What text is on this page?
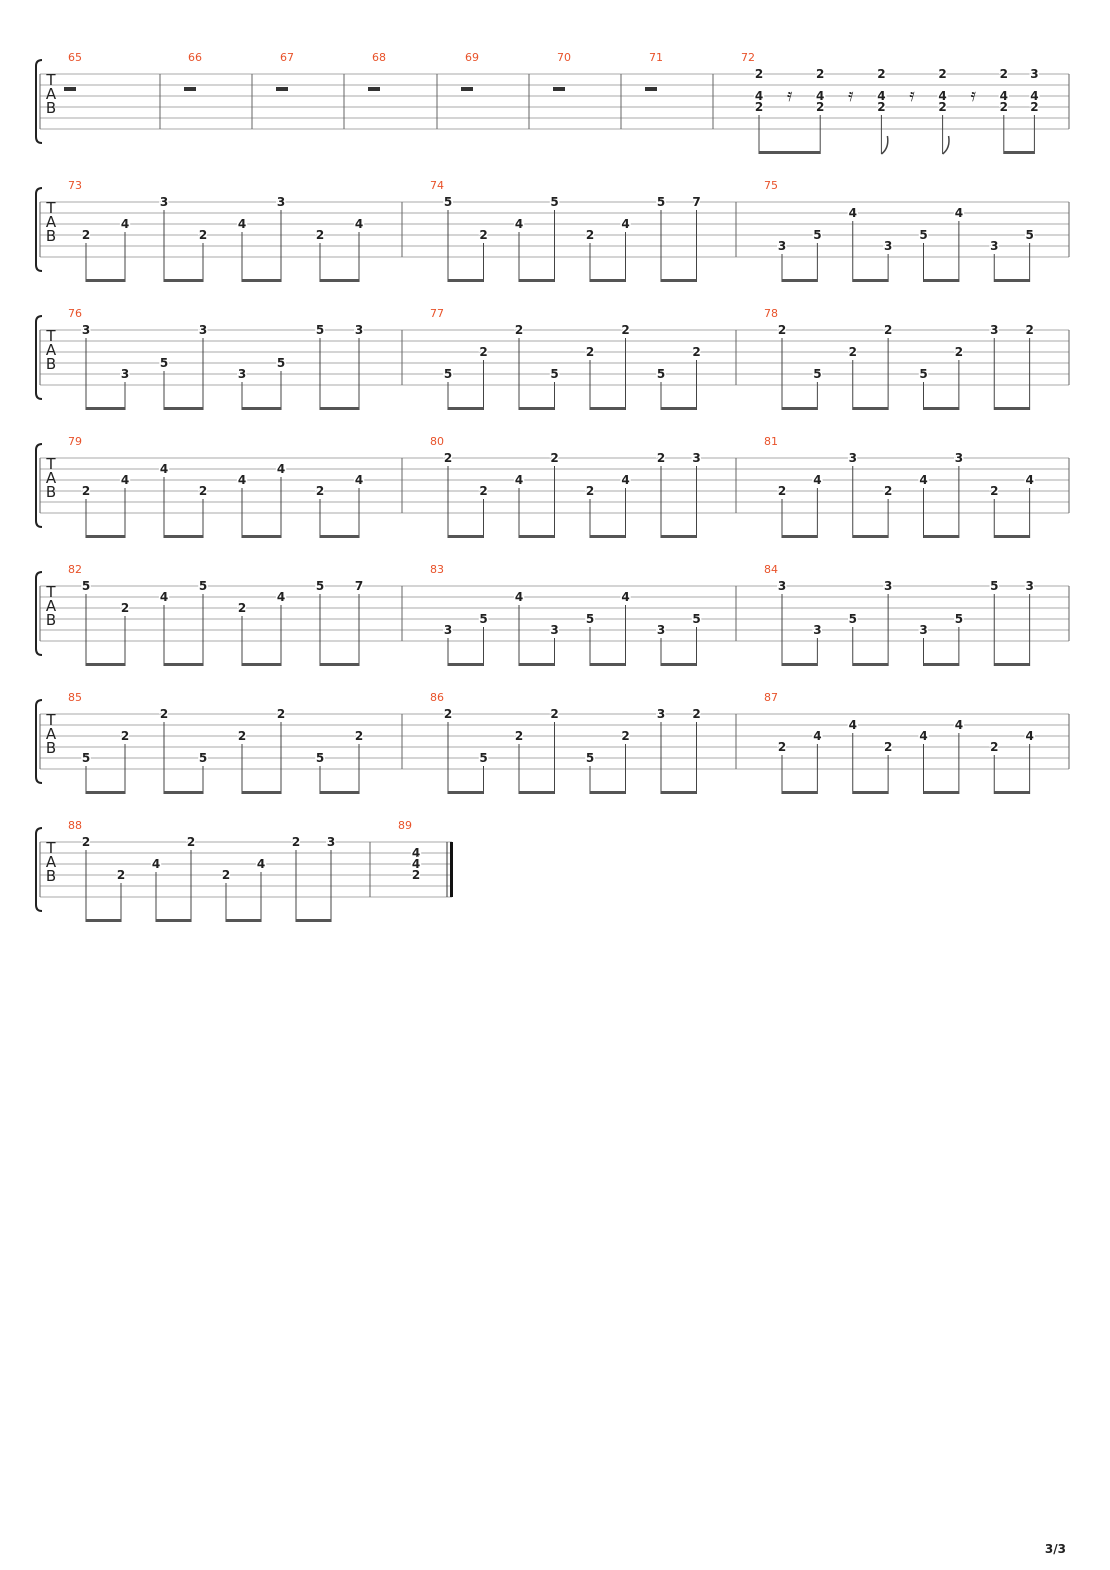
T
A
B
65	66	67	68	69	70	71	72
2
4
2
𝄿
2
4
2
𝄿
2
4
2
𝄿
2
4
2
𝄿
2
4
2
3
4
2
T
A
B
73
2
4
3
2
4
3
2
4
74
5
2
4
5
2
4
5 7
75
3
5
4
3
5
4
3
5
T
A
B
76
3
3
5
3
3
5
5	3
77
5
2
2
5
2
2
5
2
78
2
5
2
2
5
2
3 2
T
A
B
79
2
4
4
2
4
4
2
4
80
2
2
4
2
2
4
2 3
81
2
4
3
2
4
3
2
4
T
A
B
82
5
2
4
5
2
4
5	7
83
3
5
4
3
5
4
3
5
84
3
3
5
3
3
5
5 3
T
A
B
85
5
2
2
5
2
2
5
2
86
2
5
2
2
5
2
3 2
87
2
4
4
2
4
4
2
4
T
A
B
88
2
2
4
2
2
4
2 3
89
4
4
2
3/3
